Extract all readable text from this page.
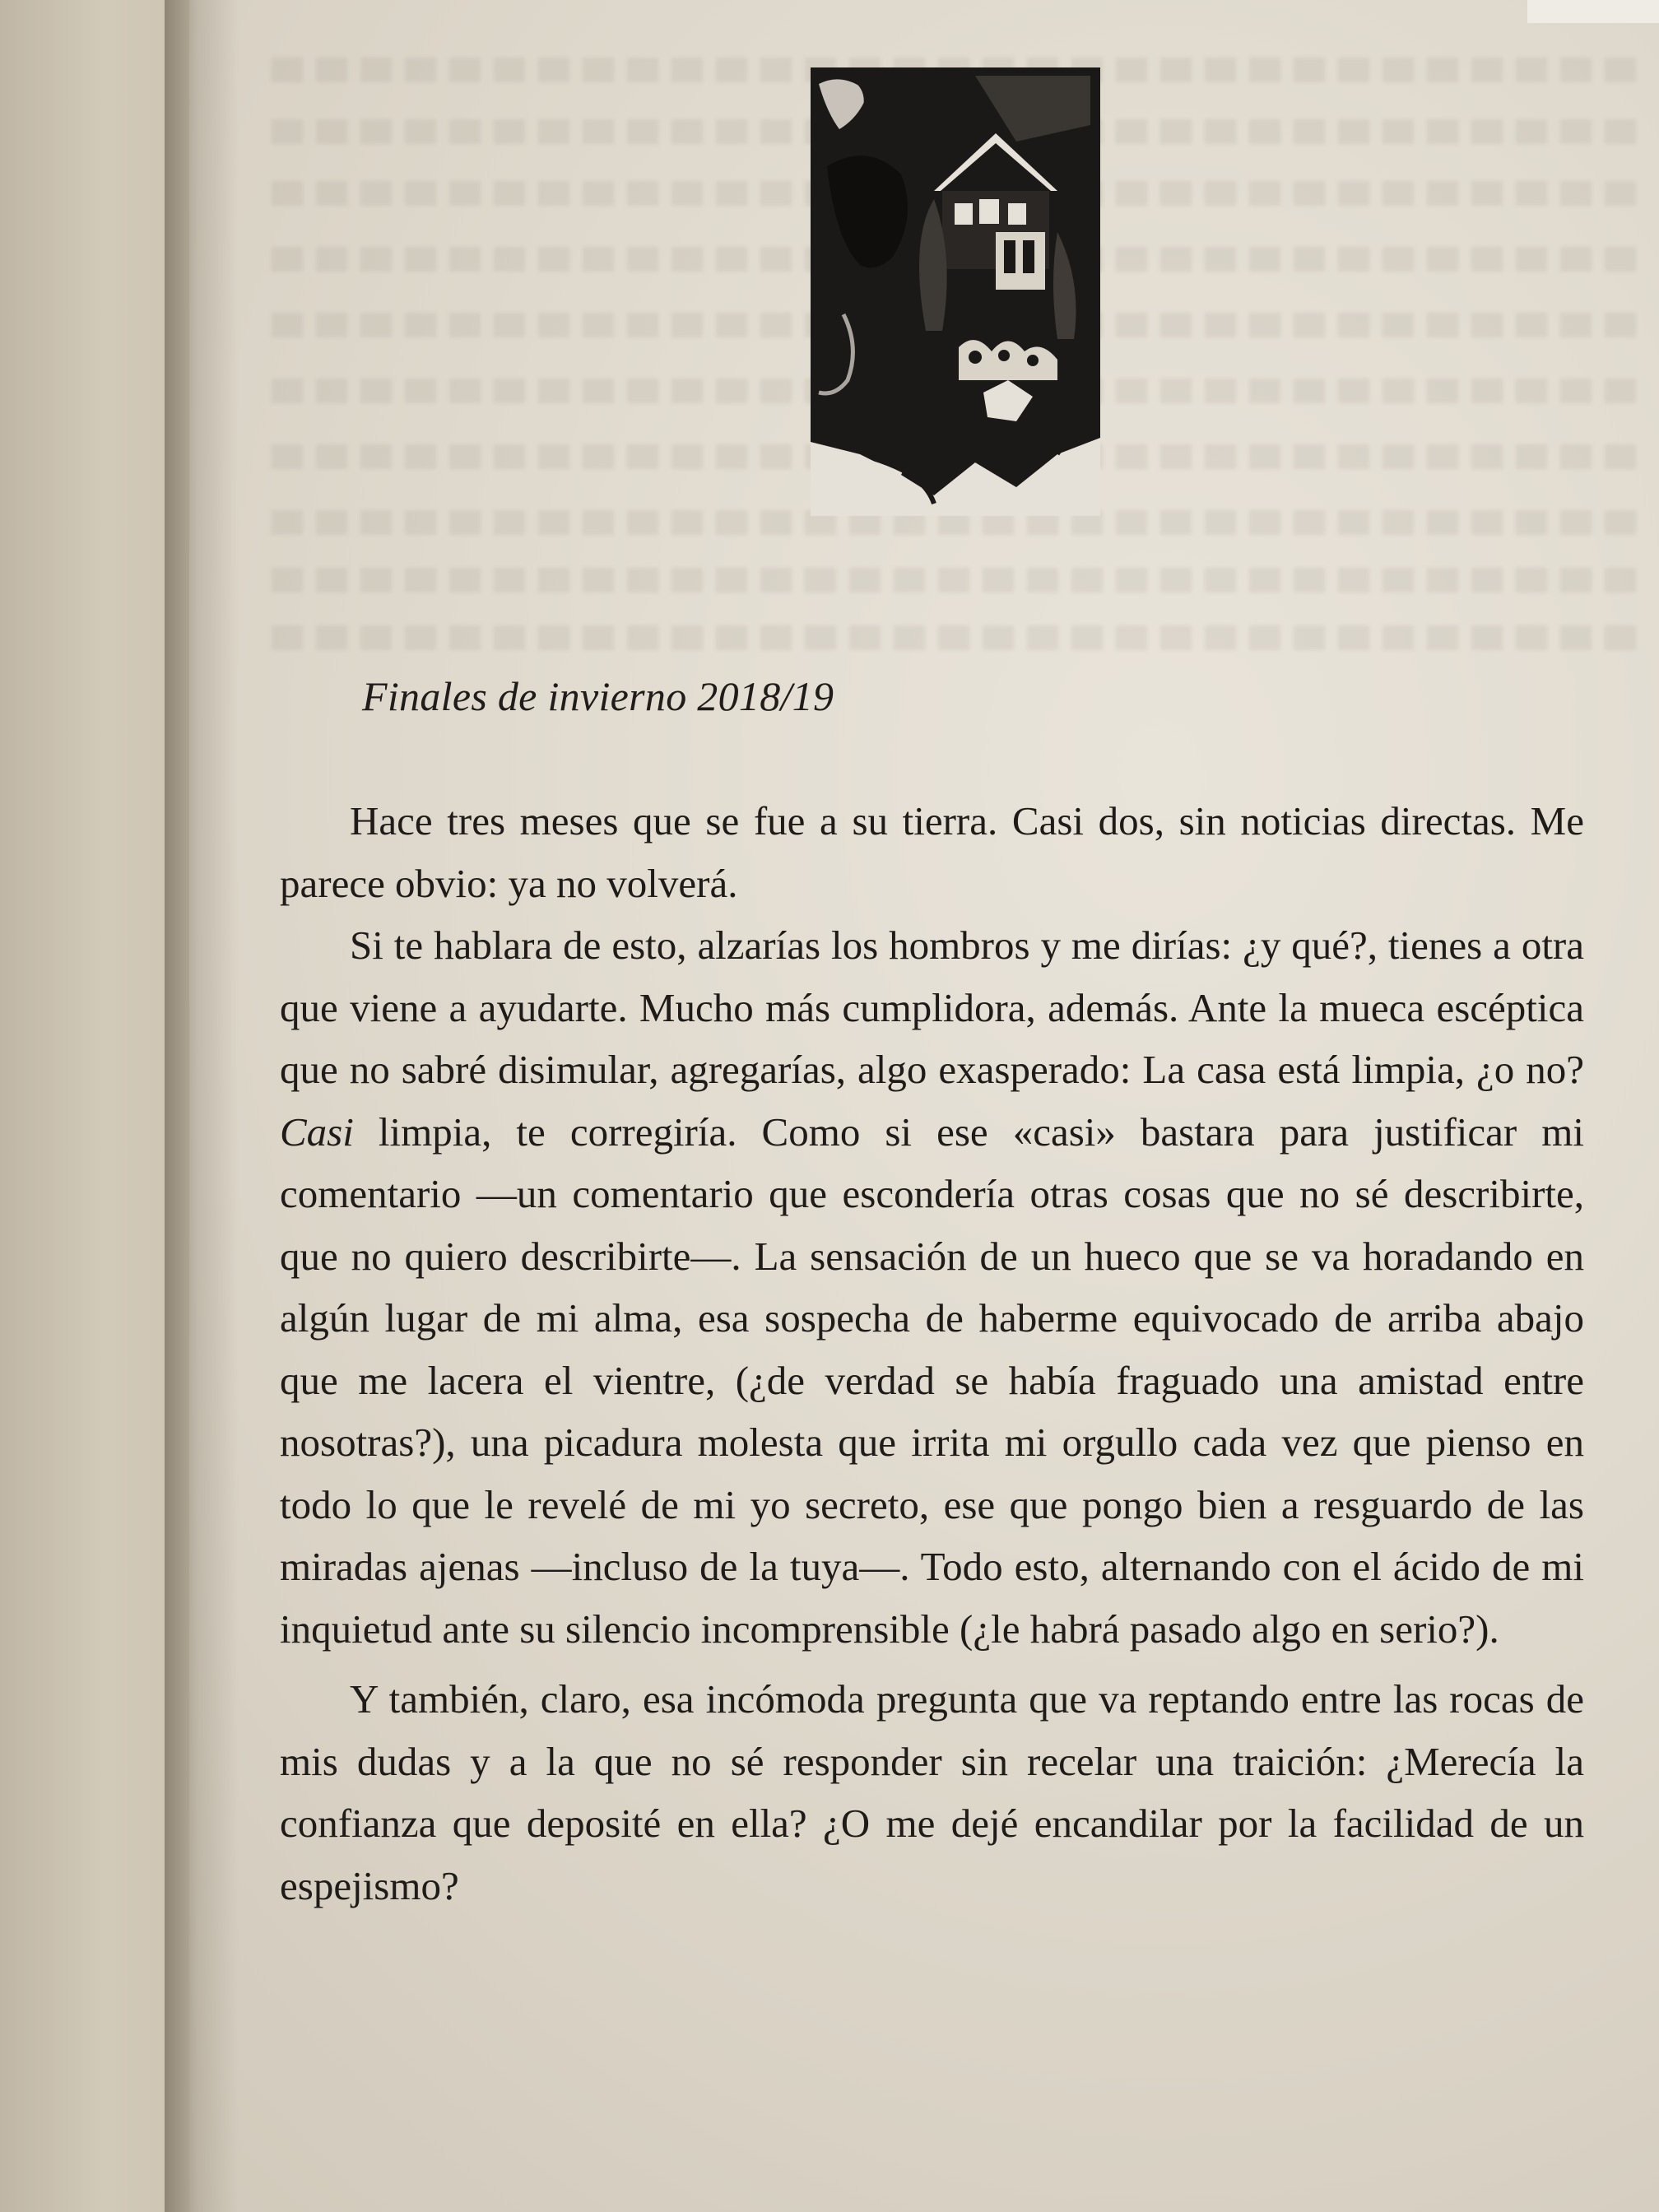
Finales de invierno 2018/19

Hace tres meses que se fue a su tierra. Casi dos, sin noticias directas. Me parece obvio: ya no volverá.

Si te hablara de esto, alzarías los hombros y me dirías: ¿y qué?, tienes a otra que viene a ayudarte. Mucho más cumplidora, además. Ante la mueca escéptica que no sabré disimular, agregarías, algo exasperado: La casa está limpia, ¿o no? Casi limpia, te corregiría. Como si ese «casi» bastara para justificar mi comentario —un comentario que escondería otras cosas que no sé describirte, que no quiero describirte—. La sensación de un hueco que se va horadando en algún lugar de mi alma, esa sospecha de haberme equivocado de arriba abajo que me lacera el vientre, (¿de verdad se había fraguado una amistad entre nosotras?), una picadura molesta que irrita mi orgullo cada vez que pienso en todo lo que le revelé de mi yo secreto, ese que pongo bien a resguardo de las miradas ajenas —incluso de la tuya—. Todo esto, alternando con el ácido de mi inquietud ante su silencio incomprensible (¿le habrá pasado algo en serio?).

Y también, claro, esa incómoda pregunta que va reptando entre las rocas de mis dudas y a la que no sé responder sin recelar una traición: ¿Merecía la confianza que deposité en ella? ¿O me dejé encandilar por la facilidad de un espejismo?
